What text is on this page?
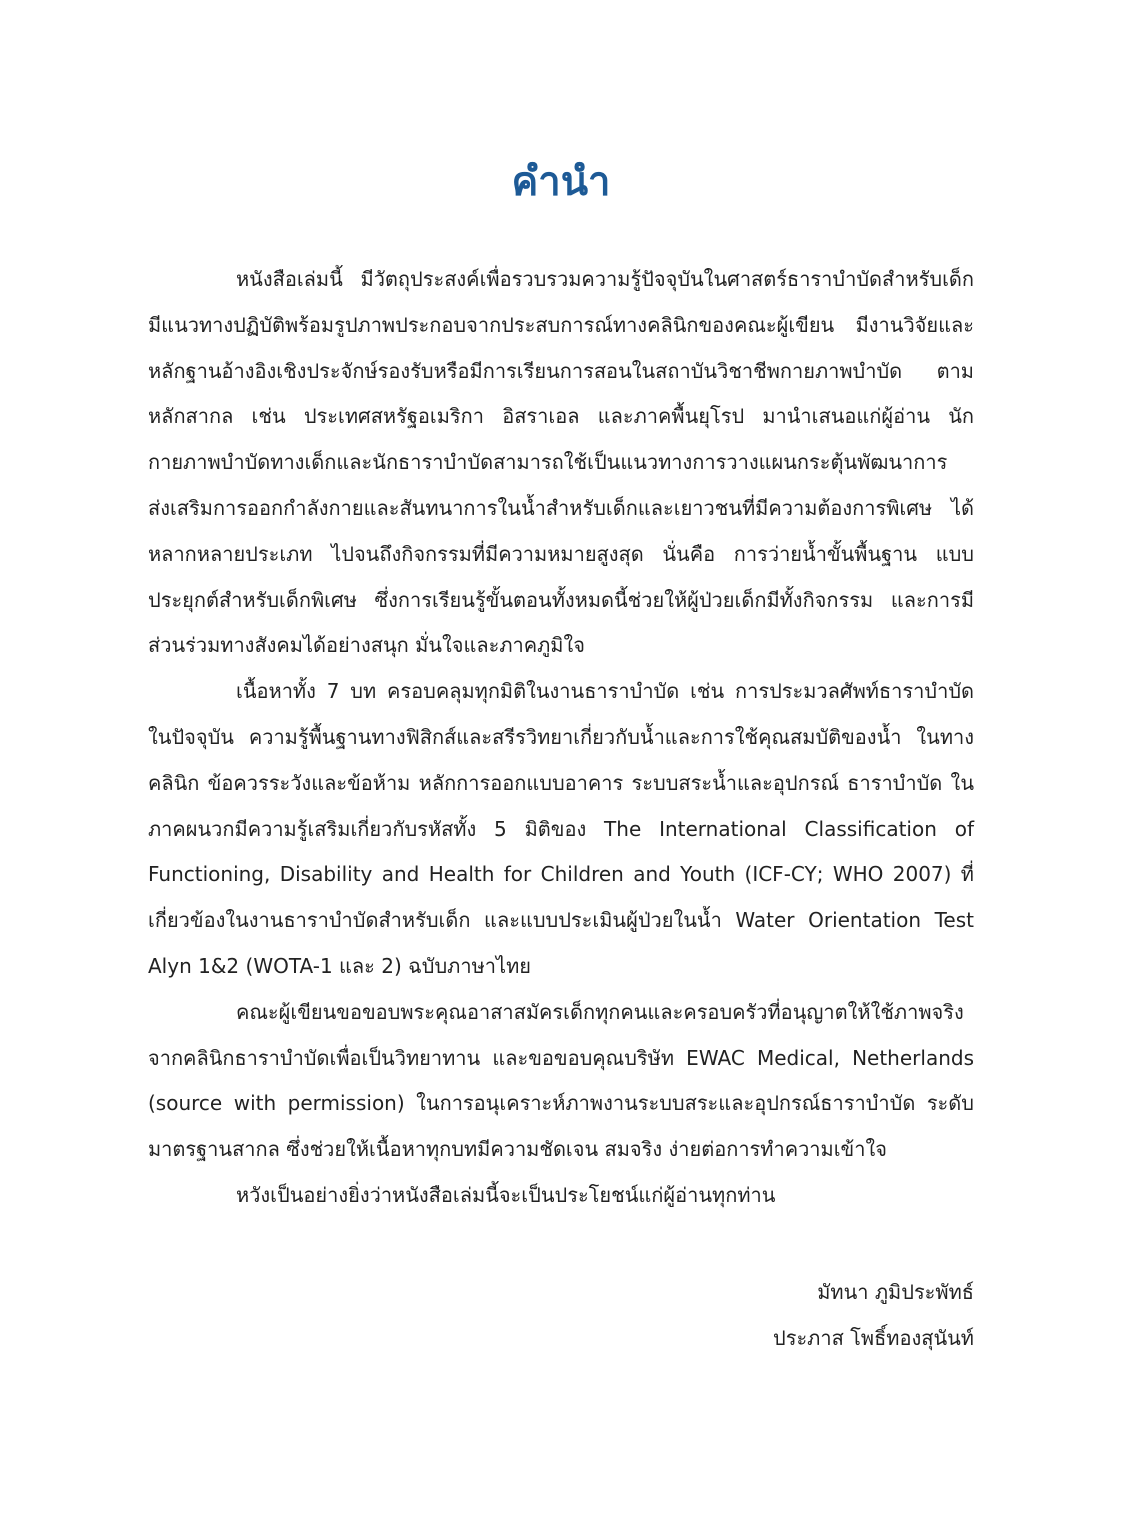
คำนำ

หนังสือเล่มนี้ มีวัตถุประสงค์เพื่อรวบรวมความรู้ปัจจุบันในศาสตร์ธาราบำบัดสำหรับเด็ก มีแนวทางปฏิบัติพร้อมรูปภาพประกอบจากประสบการณ์ทางคลินิกของคณะผู้เขียน มีงานวิจัยและหลักฐานอ้างอิงเชิงประจักษ์รองรับหรือมีการเรียนการสอนในสถาบันวิชาชีพกายภาพบำบัด ตามหลักสากล เช่น ประเทศสหรัฐอเมริกา อิสราเอล และภาคพื้นยุโรป มานำเสนอแก่ผู้อ่าน นักกายภาพบำบัดทางเด็กและนักธาราบำบัดสามารถใช้เป็นแนวทางการวางแผนกระตุ้นพัฒนาการ ส่งเสริมการออกกำลังกายและสันทนาการในน้ำสำหรับเด็กและเยาวชนที่มีความต้องการพิเศษ ได้หลากหลายประเภท ไปจนถึงกิจกรรมที่มีความหมายสูงสุด นั่นคือ การว่ายน้ำขั้นพื้นฐาน แบบประยุกต์สำหรับเด็กพิเศษ ซึ่งการเรียนรู้ขั้นตอนทั้งหมดนี้ช่วยให้ผู้ป่วยเด็กมีทั้งกิจกรรม และการมีส่วนร่วมทางสังคมได้อย่างสนุก มั่นใจและภาคภูมิใจ

เนื้อหาทั้ง 7 บท ครอบคลุมทุกมิติในงานธาราบำบัด เช่น การประมวลศัพท์ธาราบำบัด ในปัจจุบัน ความรู้พื้นฐานทางฟิสิกส์และสรีรวิทยาเกี่ยวกับน้ำและการใช้คุณสมบัติของน้ำ ในทางคลินิก ข้อควรระวังและข้อห้าม หลักการออกแบบอาคาร ระบบสระน้ำและอุปกรณ์ ธาราบำบัด ในภาคผนวกมีความรู้เสริมเกี่ยวกับรหัสทั้ง 5 มิติของ The International Classification of Functioning, Disability and Health for Children and Youth (ICF-CY; WHO 2007) ที่เกี่ยวข้องในงานธาราบำบัดสำหรับเด็ก และแบบประเมินผู้ป่วยในน้ำ Water Orientation Test Alyn 1&2 (WOTA-1 และ 2) ฉบับภาษาไทย

คณะผู้เขียนขอขอบพระคุณอาสาสมัครเด็กทุกคนและครอบครัวที่อนุญาตให้ใช้ภาพจริง จากคลินิกธาราบำบัดเพื่อเป็นวิทยาทาน และขอขอบคุณบริษัท EWAC Medical, Netherlands (source with permission) ในการอนุเคราะห์ภาพงานระบบสระและอุปกรณ์ธาราบำบัด ระดับมาตรฐานสากล ซึ่งช่วยให้เนื้อหาทุกบทมีความชัดเจน สมจริง ง่ายต่อการทำความเข้าใจ

หวังเป็นอย่างยิ่งว่าหนังสือเล่มนี้จะเป็นประโยชน์แก่ผู้อ่านทุกท่าน

มัทนา ภูมิประพัทธ์

ประภาส โพธิ์ทองสุนันท์
